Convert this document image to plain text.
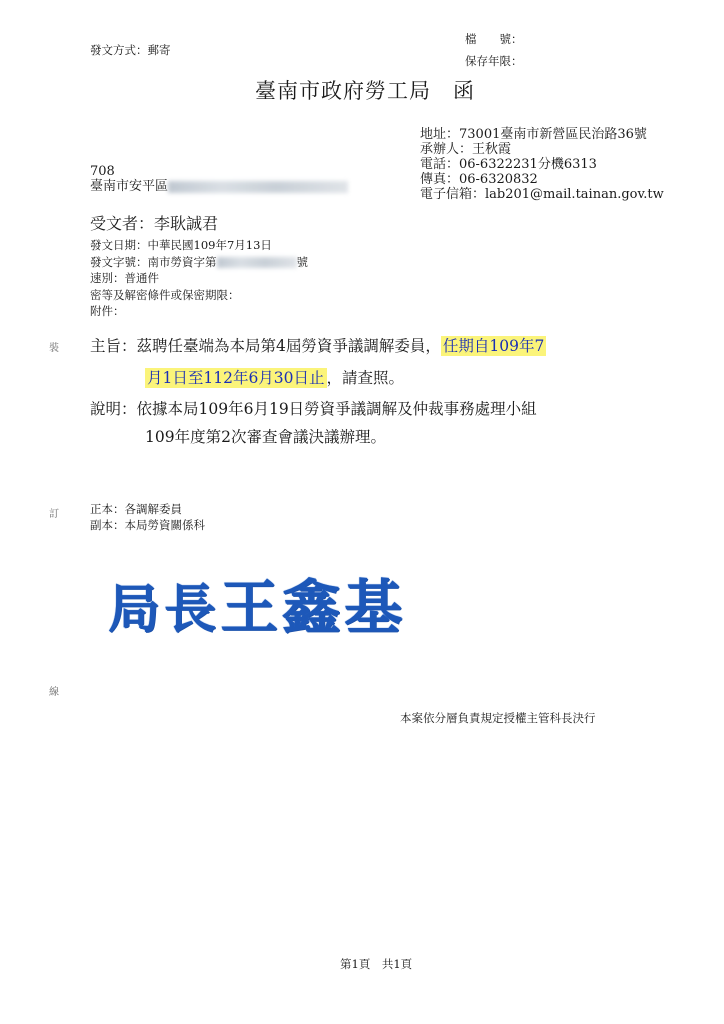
發文方式：郵寄
檔　　號：
保存年限：
臺南市政府勞工局　函
地址：73001臺南市新營區民治路36號
承辦人：王秋霞
電話：06-6322231分機6313
傳真：06-6320832
電子信箱：lab201@mail.tainan.gov.tw
708
臺南市安平區
受文者：李耿誠君
發文日期：中華民國109年7月13日
發文字號：南市勞資字第	號
速別：普通件
密等及解密條件或保密期限：
附件：
裝
訂
線
主旨：茲聘任臺端為本局第4屆勞資爭議調解委員， 任期自109年7
月1日至112年6月30日止 ，請查照。
說明：依據本局109年6月19日勞資爭議調解及仲裁事務處理小組
109年度第2次審查會議決議辦理。
正本：各調解委員
副本：本局勞資關係科
局長王鑫基
本案依分層負責規定授權主管科長決行
第1頁　共1頁
